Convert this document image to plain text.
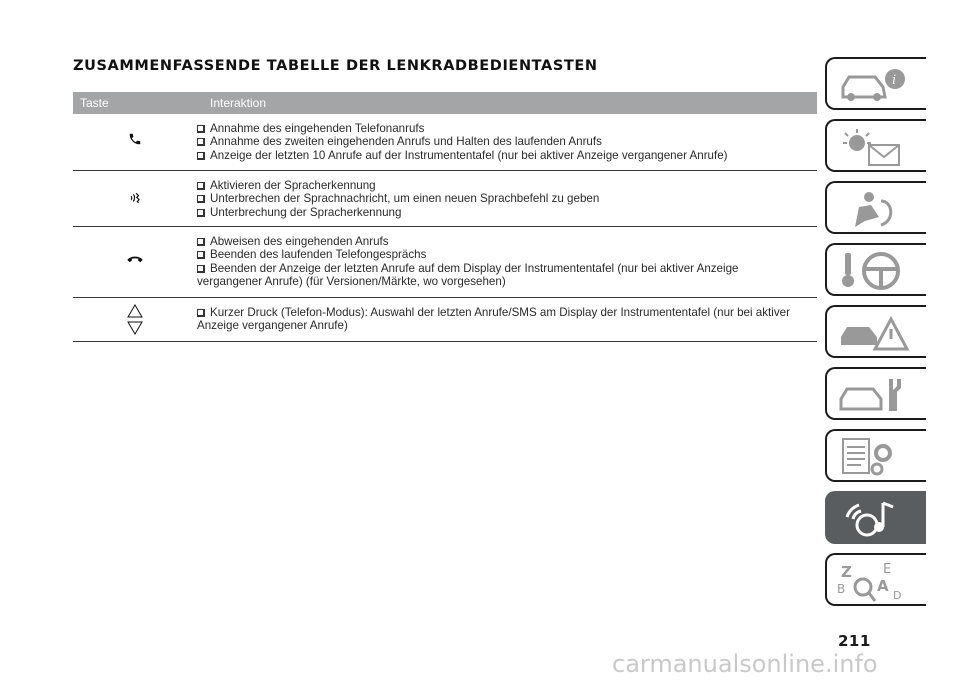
ZUSAMMENFASSENDE TABELLE DER LENKRADBEDIENTASTEN
Taste	Interaktion
Annahme des eingehenden Telefonanrufs
Annahme des zweiten eingehenden Anrufs und Halten des laufenden Anrufs
Anzeige der letzten 10 Anrufe auf der Instrumententafel (nur bei aktiver Anzeige vergangener Anrufe)
Aktivieren der Spracherkennung
Unterbrechen der Sprachnachricht, um einen neuen Sprachbefehl zu geben
Unterbrechung der Spracherkennung
Abweisen des eingehenden Anrufs
Beenden des laufenden Telefongesprächs
Beenden der Anzeige der letzten Anrufe auf dem Display der Instrumententafel (nur bei aktiver Anzeige
vergangener Anrufe) (für Versionen/Märkte, wo vorgesehen)
Kurzer Druck (Telefon-Modus): Auswahl der letzten Anrufe/SMS am Display der Instrumententafel (nur bei aktiver
Anzeige vergangener Anrufe)
i
Z E
B A
D
211
carmanualsonline.info
